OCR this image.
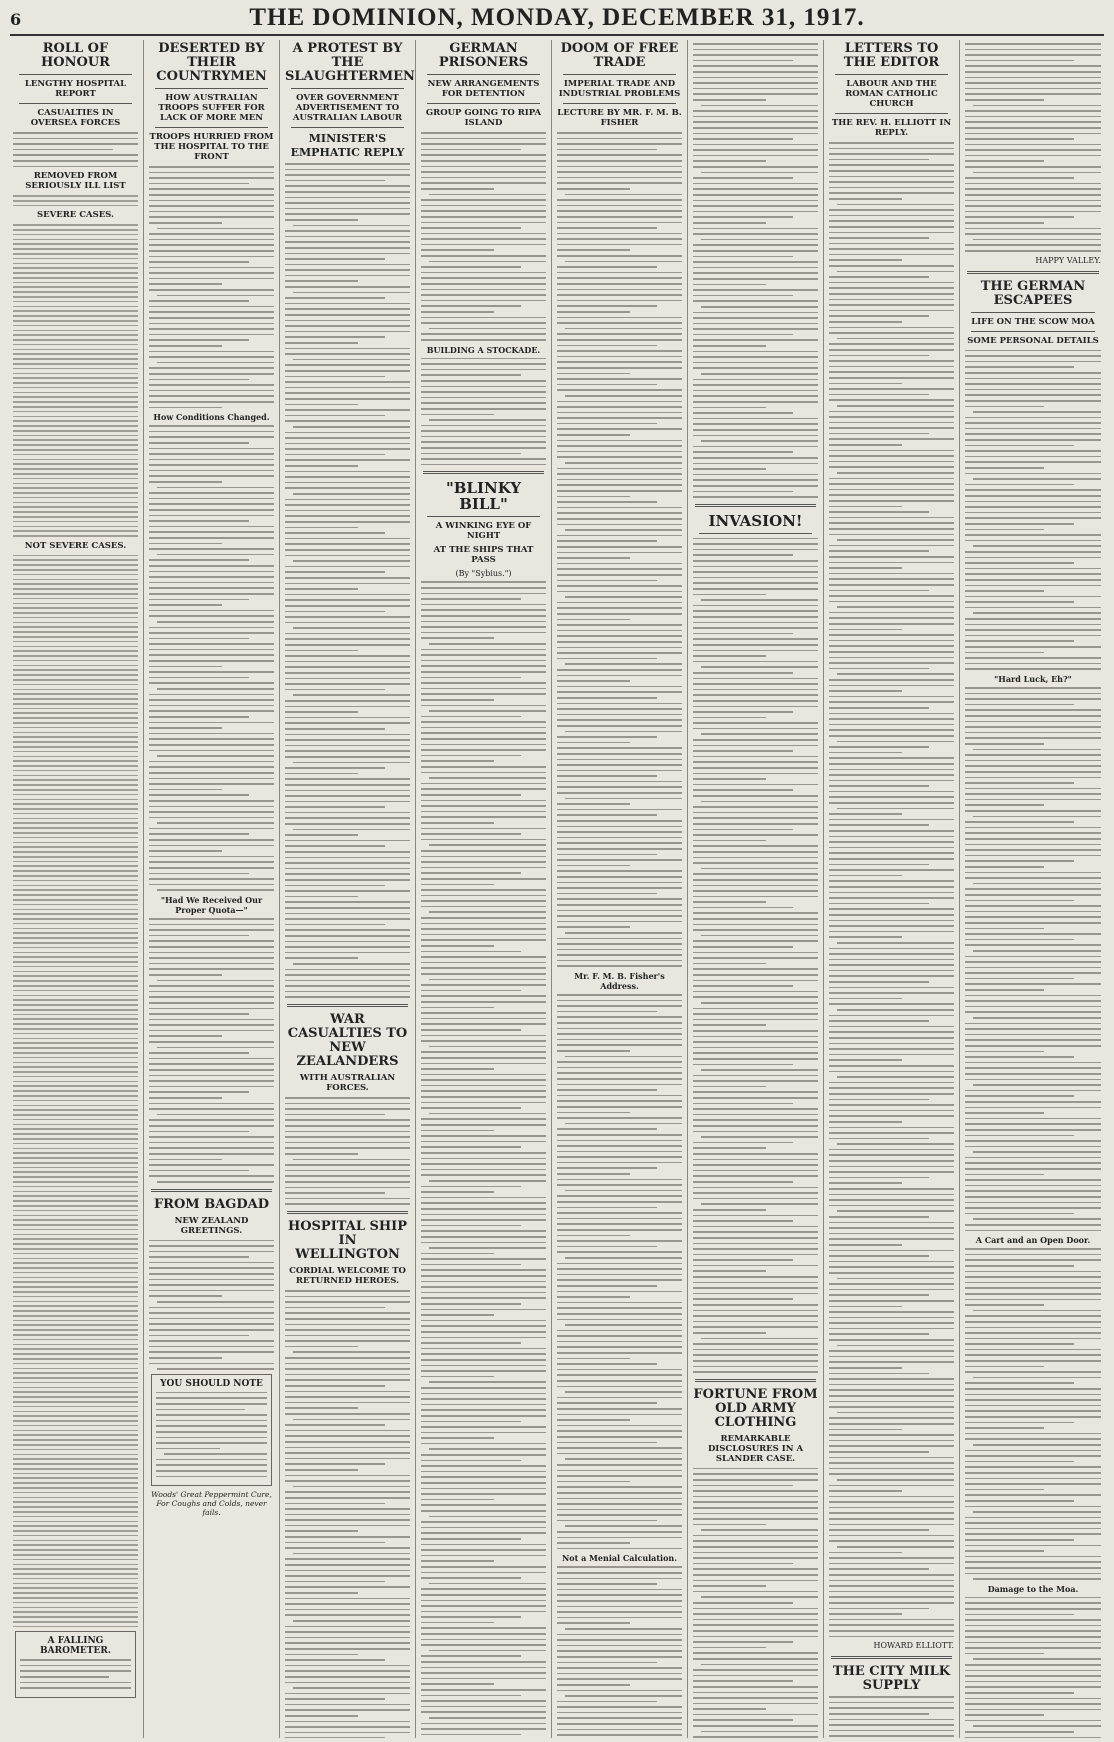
6	THE DOMINION, MONDAY, DECEMBER 31, 1917.
ROLL OF HONOUR
LENGTHY HOSPITAL REPORT
CASUALTIES IN OVERSEA FORCES
REMOVED FROM SERIOUSLY ILL LIST
SEVERE CASES.
NOT SEVERE CASES.
A FALLING BAROMETER.
DESERTED BY THEIR COUNTRYMEN
HOW AUSTRALIAN TROOPS SUFFER FOR LACK OF MORE MEN
TROOPS HURRIED FROM THE HOSPITAL TO THE FRONT
How Conditions Changed.
"Had We Received Our Proper Quota—"
FROM BAGDAD
NEW ZEALAND GREETINGS.
YOU SHOULD NOTE
Woods' Great Peppermint Cure, For Coughs and Colds, never fails.
A PROTEST BY THE SLAUGHTERMEN
OVER GOVERNMENT ADVERTISEMENT TO AUSTRALIAN LABOUR
MINISTER'S EMPHATIC REPLY
WAR CASUALTIES TO NEW ZEALANDERS
WITH AUSTRALIAN FORCES.
HOSPITAL SHIP IN WELLINGTON
CORDIAL WELCOME TO RETURNED HEROES.
GERMAN PRISONERS
NEW ARRANGEMENTS FOR DETENTION
GROUP GOING TO RIPA ISLAND
BUILDING A STOCKADE.
"BLINKY BILL"
A WINKING EYE OF NIGHT
AT THE SHIPS THAT PASS
(By "Sybius.")
DOOM OF FREE TRADE
IMPERIAL TRADE AND INDUSTRIAL PROBLEMS
LECTURE BY MR. F. M. B. FISHER
Mr. F. M. B. Fisher's Address.
Not a Menial Calculation.
INVASION!
FORTUNE FROM OLD ARMY CLOTHING
REMARKABLE DISCLOSURES IN A SLANDER CASE.
LETTERS TO THE EDITOR
LABOUR AND THE ROMAN CATHOLIC CHURCH
THE REV. H. ELLIOTT IN REPLY.
HOWARD ELLIOTT.
THE CITY MILK SUPPLY
HAPPY VALLEY.
THE GERMAN ESCAPEES
LIFE ON THE SCOW MOA
SOME PERSONAL DETAILS
"Hard Luck, Eh?"
A Cart and an Open Door.
Damage to the Moa.
